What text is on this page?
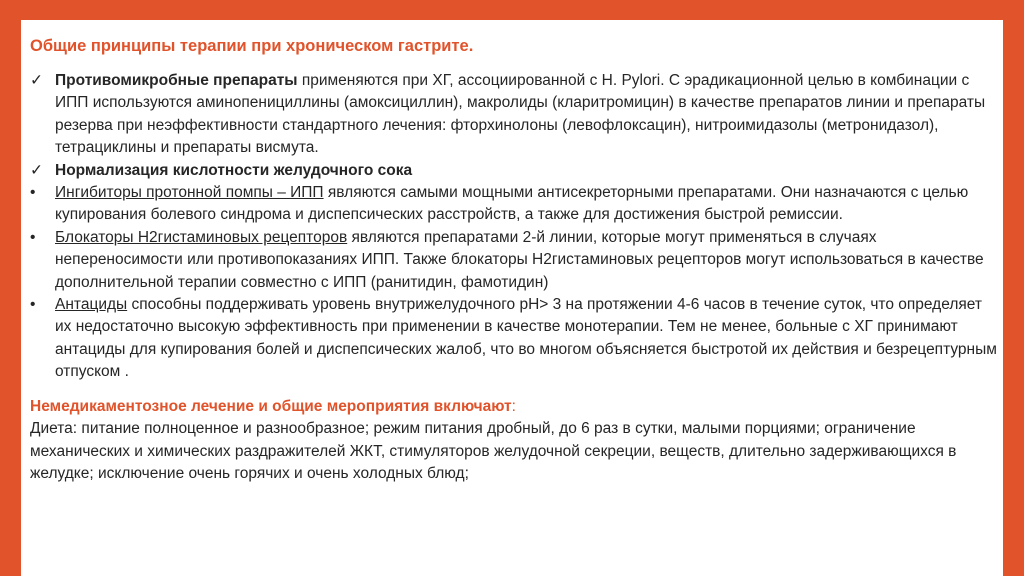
Общие принципы терапии при хроническом гастрите.
✓ Противомикробные препараты применяются при ХГ, ассоциированной с H. Pylori. С эрадикационной целью в комбинации с ИПП используются аминопенициллины (амоксициллин), макролиды (кларитромицин) в качестве препаратов линии и препараты резерва при неэффективности стандартного лечения: фторхинолоны (левофлоксацин), нитроимидазолы (метронидазол), тетрациклины и препараты висмута.
✓ Нормализация кислотности желудочного сока
•	Ингибиторы протонной помпы – ИПП являются самыми мощными антисекреторными препаратами. Они назначаются с целью купирования болевого синдрома и диспепсических расстройств, а также для достижения быстрой ремиссии.
•	Блокаторы Н2гистаминовых рецепторов являются препаратами 2-й линии, которые могут применяться в случаях непереносимости или противопоказаниях ИПП. Также блокаторы Н2гистаминовых рецепторов могут использоваться в качестве дополнительной терапии совместно с ИПП (ранитидин, фамотидин)
•	Антациды способны поддерживать уровень внутрижелудочного рН> 3 на протяжении 4-6 часов в течение суток, что определяет их недостаточно высокую эффективность при применении в качестве монотерапии. Тем не менее, больные с ХГ принимают антациды для купирования болей и диспепсических жалоб, что во многом объясняется быстротой их действия и безрецептурным отпуском .
Немедикаментозное лечение и общие мероприятия включают:
Диета: питание полноценное и разнообразное; режим питания дробный, до 6 раз в сутки, малыми порциями; ограничение механических и химических раздражителей ЖКТ, стимуляторов желудочной секреции, веществ, длительно задерживающихся в желудке; исключение очень горячих и очень холодных блюд;
